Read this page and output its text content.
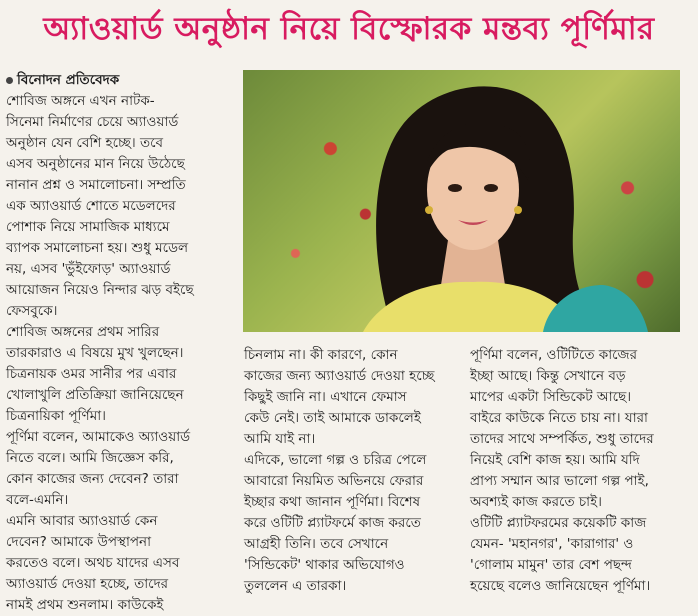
অ্যাওয়ার্ড অনুষ্ঠান নিয়ে বিস্ফোরক মন্তব্য পূর্ণিমার

বিনোদন প্রতিবেদক

শোবিজ অঙ্গনে এখন নাটক-

সিনেমা নির্মাণের চেয়ে অ্যাওয়ার্ড

অনুষ্ঠান যেন বেশি হচ্ছে। তবে

এসব অনুষ্ঠানের মান নিয়ে উঠেছে

নানান প্রশ্ন ও সমালোচনা। সম্প্রতি

এক অ্যাওয়ার্ড শোতে মডেলদের

পোশাক নিয়ে সামাজিক মাধ্যমে

ব্যাপক সমালোচনা হয়। শুধু মডেল

নয়, এসব 'ভুঁইফোড়' অ্যাওয়ার্ড

আয়োজন নিয়েও নিন্দার ঝড় বইছে

ফেসবুকে।

শোবিজ অঙ্গনের প্রথম সারির

তারকারাও এ বিষয়ে মুখ খুলছেন।

চিত্রনায়ক ওমর সানীর পর এবার

খোলাখুলি প্রতিক্রিয়া জানিয়েছেন

চিত্রনায়িকা পূর্ণিমা।

পূর্ণিমা বলেন, আমাকেও অ্যাওয়ার্ড

নিতে বলে। আমি জিজ্ঞেস করি,

কোন কাজের জন্য দেবেন? তারা

বলে-এমনি।

এমনি আবার অ্যাওয়ার্ড কেন

দেবেন? আমাকে উপস্থাপনা

করতেও বলে। অথচ যাদের এসব

অ্যাওয়ার্ড দেওয়া হচ্ছে, তাদের

নামই প্রথম শুনলাম। কাউকেই

চিনলাম না। কী কারণে, কোন

কাজের জন্য অ্যাওয়ার্ড দেওয়া হচ্ছে

কিছুই জানি না। এখানে ফেমাস

কেউ নেই। তাই আমাকে ডাকলেই

আমি যাই না।

এদিকে, ভালো গল্প ও চরিত্র পেলে

আবারো নিয়মিত অভিনয়ে ফেরার

ইচ্ছার কথা জানান পূর্ণিমা। বিশেষ

করে ওটিটি প্ল্যাটফর্মে কাজ করতে

আগ্রহী তিনি। তবে সেখানে

'সিন্ডিকেট' থাকার অভিযোগও

তুললেন এ তারকা।

পূর্ণিমা বলেন, ওটিটিতে কাজের

ইচ্ছা আছে। কিন্তু সেখানে বড়

মাপের একটা সিন্ডিকেট আছে।

বাইরে কাউকে নিতে চায় না। যারা

তাদের সাথে সম্পর্কিত, শুধু তাদের

নিয়েই বেশি কাজ হয়। আমি যদি

প্রাপ্য সম্মান আর ভালো গল্প পাই,

অবশ্যই কাজ করতে চাই।

ওটিটি প্ল্যাটফরমের কয়েকটি কাজ

যেমন- 'মহানগর', 'কারাগার' ও

'গোলাম মামুন' তার বেশ পছন্দ

হয়েছে বলেও জানিয়েছেন পূর্ণিমা।
